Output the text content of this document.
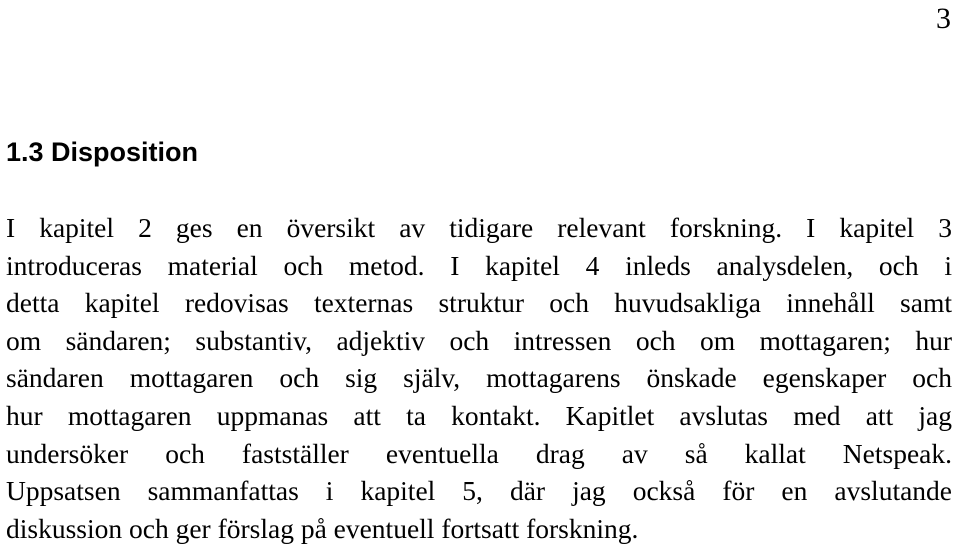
3
1.3 Disposition
I kapitel 2 ges en översikt av tidigare relevant forskning. I kapitel 3
introduceras material och metod. I kapitel 4 inleds analysdelen, och i
detta kapitel redovisas texternas struktur och huvudsakliga innehåll samt
om sändaren; substantiv, adjektiv och intressen och om mottagaren; hur
sändaren mottagaren och sig själv, mottagarens önskade egenskaper och
hur mottagaren uppmanas att ta kontakt. Kapitlet avslutas med att jag
undersöker och fastställer eventuella drag av så kallat Netspeak.
Uppsatsen sammanfattas i kapitel 5, där jag också för en avslutande
diskussion och ger förslag på eventuell fortsatt forskning.
